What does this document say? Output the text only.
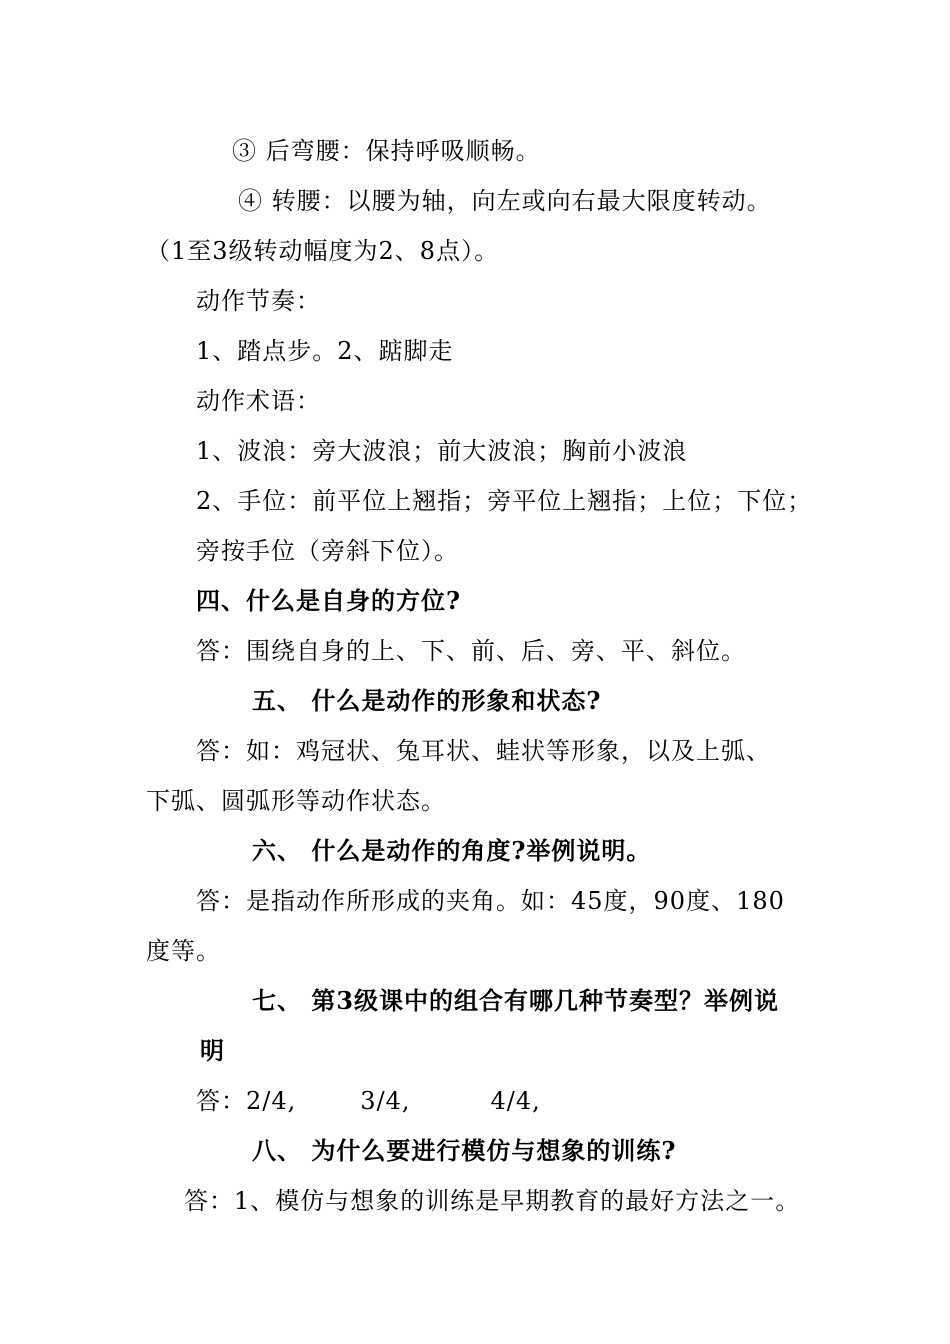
③ 后弯腰：保持呼吸顺畅。
④ 转腰：以腰为轴，向左或向右最大限度转动。
（1至3级转动幅度为2、8点）。
动作节奏：
1、踏点步。2、踮脚走
动作术语：
1、波浪：旁大波浪；前大波浪；胸前小波浪
2、手位：前平位上翘指；旁平位上翘指；上位；下位；
旁按手位（旁斜下位）。
四、什么是自身的方位?
答：围绕自身的上、下、前、后、旁、平、斜位。
五、 什么是动作的形象和状态?
答：如：鸡冠状、兔耳状、蛙状等形象，以及上弧、
下弧、圆弧形等动作状态。
六、 什么是动作的角度?举例说明。
答：是指动作所形成的夹角。如：45度，90度、180
度等。
七、 第3级课中的组合有哪几种节奏型？举例说
明
答：2/4,	3/4,	4/4,
八、 为什么要进行模仿与想象的训练?
答：1、模仿与想象的训练是早期教育的最好方法之一。
